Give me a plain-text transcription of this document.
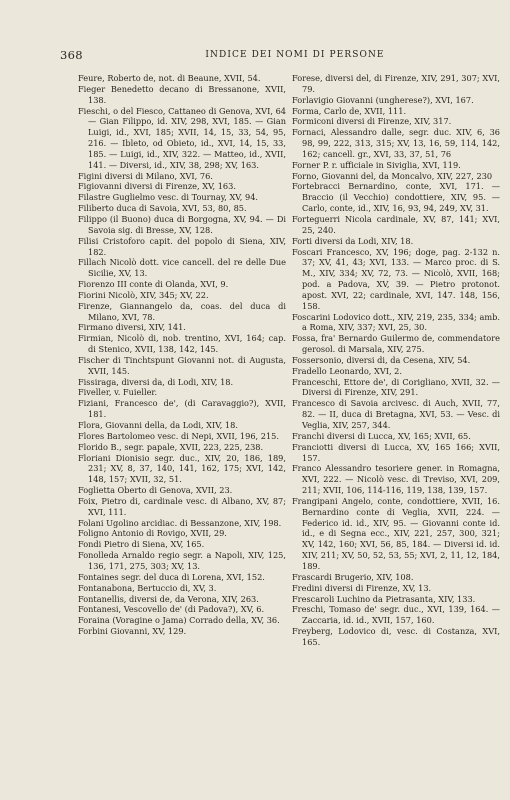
368	INDICE DEI NOMI DI PERSONE

Feure, Roberto de, not. di Beaune, XVII, 54.

Fieger Benedetto decano di Bressanone, XVII, 138.

Fieschi, o del Fiesco, Cattaneo di Genova, XVI, 64 — Gian Filippo, id. XIV, 298, XVI, 185. — Gian Luigi, id., XVI, 185; XVII, 14, 15, 33, 54, 95, 216. — Ibleto, od Obieto, id., XVI, 14, 15, 33, 185. — Luigi, id., XIV, 322. — Matteo, id., XVII, 141. — Diversi, id., XIV, 38, 298; XV, 163.

Figini diversi di Milano, XVI, 76.

Figiovanni diversi di Firenze, XV, 163.

Filastre Guglielmo vesc. di Tournay, XV, 94.

Filiberto duca di Savoia, XVI, 53, 80, 85.

Filippo (il Buono) duca di Borgogna, XV, 94. — Di Savoia sig. di Bresse, XV, 128.

Filisi Cristoforo capit. del popolo di Siena, XIV, 182.

Fillach Nicolò dott. vice cancell. del re delle Due Sicilie, XV, 13.

Fiorenzo III conte di Olanda, XVI, 9.

Fiorini Nicolò, XIV, 345; XV, 22.

Firenze, Giannangelo da, coas. del duca di Milano, XVI, 78.

Firmano diversi, XIV, 141.

Firmian, Nicolò di, nob. trentino, XVI, 164; cap. di Stenico, XVII, 138, 142, 145.

Fischer di Tinchtspunt Giovanni not. di Augusta, XVII, 145.

Fissiraga, diversi da, di Lodi, XIV, 18.

Fiveller, v. Fuieller.

Fiziani, Francesco de', (di Caravaggio?), XVII, 181.

Flora, Giovanni della, da Lodi, XIV, 18.

Flores Bartolomeo vesc. di Nepi, XVII, 196, 215.

Florido B., segr. papale, XVII, 223, 225, 238.

Floriani Dionisio segr. duc., XIV, 20, 186, 189, 231; XV, 8, 37, 140, 141, 162, 175; XVI, 142, 148, 157; XVII, 32, 51.

Foglietta Oberto di Genova, XVII, 23.

Foix, Pietro di, cardinale vesc. di Albano, XV, 87; XVI, 111.

Folani Ugolino arcidiac. di Bessanzone, XIV, 198.

Foligno Antonio di Rovigo, XVII, 29.

Fondi Pietro di Siena, XV, 165.

Fonolleda Arnaldo regio segr. a Napoli, XIV, 125, 136, 171, 275, 303; XV, 13.

Fontaines segr. del duca di Lorena, XVI, 152.

Fontanabona, Bertuccio di, XV, 3.

Fontanellis, diversi de, da Verona, XIV, 263.

Fontanesi, Vescovello de' (di Padova?), XV, 6.

Foraina (Voragine o Jama) Corrado della, XV, 36.

Forbini Giovanni, XV, 129.

Forese, diversi del, di Firenze, XIV, 291, 307; XVI, 79.

Forlavigio Giovanni (ungherese?), XVI, 167.

Forma, Carlo de, XVII, 111.

Formiconi diversi di Firenze, XIV, 317.

Fornaci, Alessandro dalle, segr. duc. XIV, 6, 36 98, 99, 222, 313, 315; XV, 13, 16, 59, 114, 142, 162; cancell. gr., XVI, 33, 37, 51, 76

Forner P. r. ufficiale in Siviglia, XVI, 119.

Forno, Giovanni del, da Moncalvo, XIV, 227, 230

Fortebracci Bernardino, conte, XVI, 171. — Braccio (il Vecchio) condottiere, XIV, 95. — Carlo, conte, id., XIV, 16, 93, 94, 249, XV, 31.

Forteguerri Nicola cardinale, XV, 87, 141; XVI, 25, 240.

Forti diversi da Lodi, XIV, 18.

Foscari Francesco, XV, 196; doge, pag. 2-132 n. 37; XV, 41, 43; XVI, 133. — Marco proc. di S. M., XIV, 334; XV, 72, 73. — Nicolò, XVII, 168; pod. a Padova, XV, 39. — Pietro protonot. apost. XVI, 22; cardinale, XVI, 147. 148, 156, 158.

Foscarini Lodovico dott., XIV, 219, 235, 334; amb. a Roma, XIV, 337; XVI, 25, 30.

Fossa, fra' Bernardo Guilermo de, commendatore gerosol. di Marsala, XIV, 275.

Fossersonio, diversi di, da Cesena, XIV, 54.

Fradello Leonardo, XVI, 2.

Franceschi, Ettore de', di Corigliano, XVII, 32. — Diversi di Firenze, XIV, 291.

Francesco di Savoia arcivesc. di Auch, XVII, 77, 82. — II, duca di Bretagna, XVI, 53. — Vesc. di Veglia, XIV, 257, 344.

Franchi diversi di Lucca, XV, 165; XVII, 65.

Franciotti diversi di Lucca, XV, 165 166; XVII, 157.

Franco Alessandro tesoriere gener. in Romagna, XVI, 222. — Nicolò vesc. di Treviso, XVI, 209, 211; XVII, 106, 114-116, 119, 138, 139, 157.

Frangipani Angelo, conte, condottiere, XVII, 16. Bernardino conte di Veglia, XVII, 224. — Federico id. id., XIV, 95. — Giovanni conte id. id., e di Segna ecc., XIV, 221, 257, 300, 321; XV, 142, 160; XVI, 56, 85, 184. — Diversi id. id. XIV, 211; XV, 50, 52, 53, 55; XVI, 2, 11, 12, 184, 189.

Frascardi Brugerio, XIV, 108.

Fredini diversi di Firenze, XV, 13.

Frescaroli Luchino da Pietrasanta, XIV, 133.

Freschi, Tomaso de' segr. duc., XVI, 139, 164. — Zaccaria, id. id., XVII, 157, 160.

Freyberg, Lodovico di, vesc. di Costanza, XVI, 165.
